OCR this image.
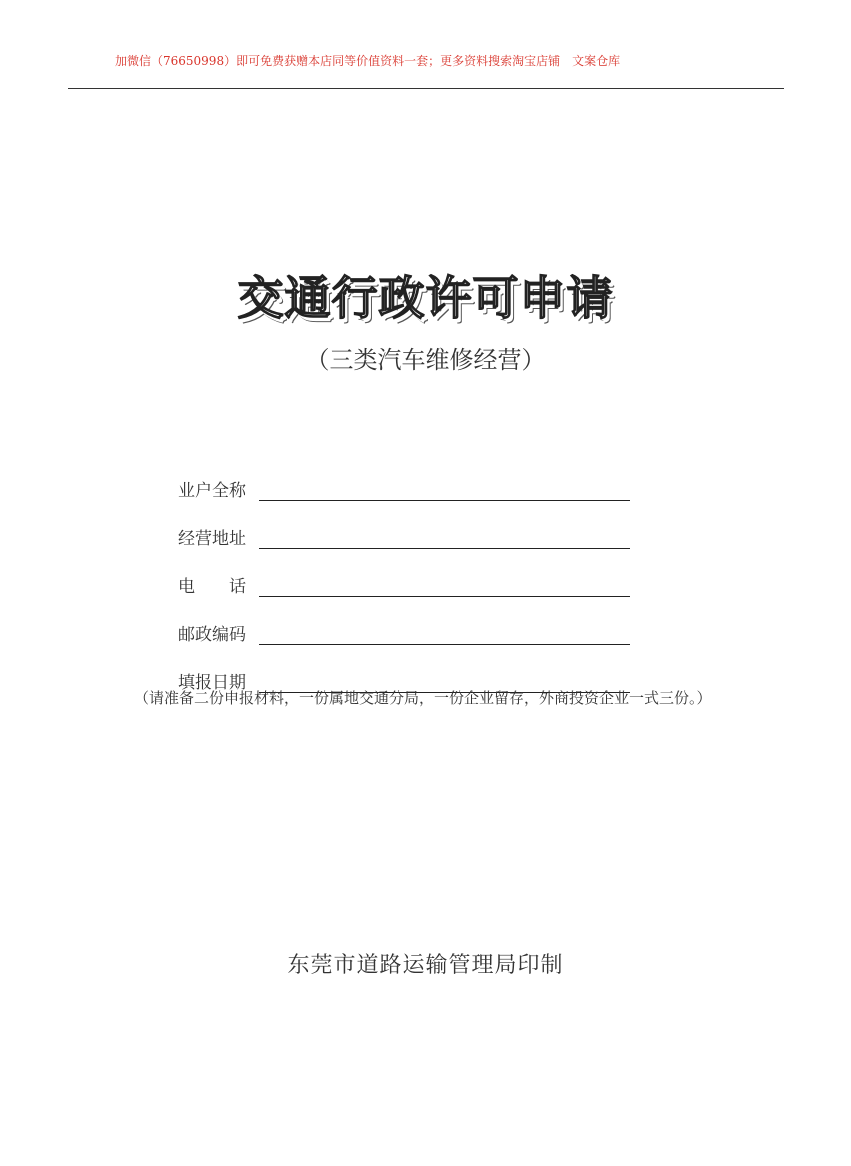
加微信（76650998）即可免费获赠本店同等价值资料一套；更多资料搜索淘宝店铺　文案仓库
交通行政许可申请
（三类汽车维修经营）
业户全称
经营地址
电　　话
邮政编码
填报日期
（请准备二份申报材料，一份属地交通分局，一份企业留存，外商投资企业一式三份。）
东莞市道路运输管理局印制
